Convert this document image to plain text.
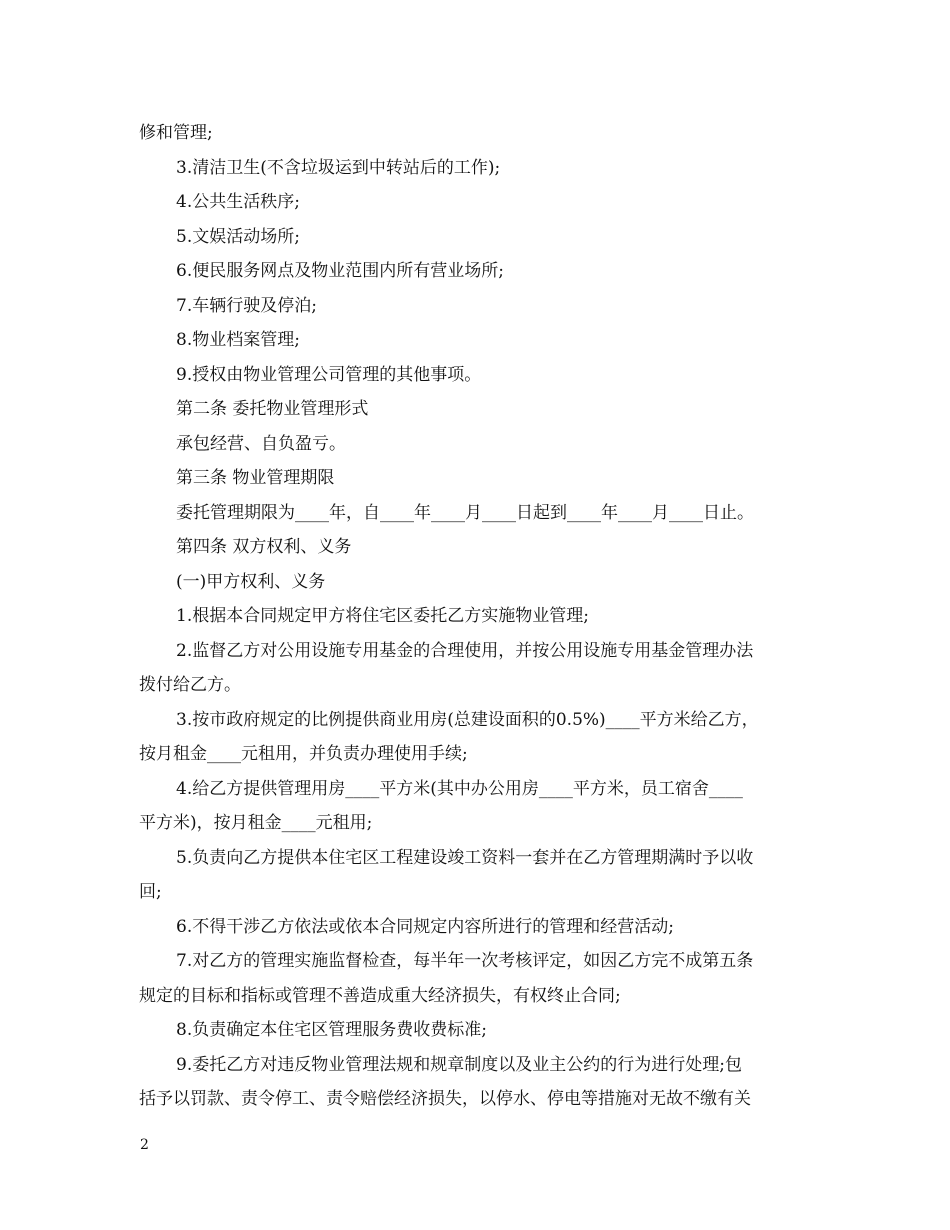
修和管理;
3.清洁卫生(不含垃圾运到中转站后的工作);
4.公共生活秩序;
5.文娱活动场所;
6.便民服务网点及物业范围内所有营业场所;
7.车辆行驶及停泊;
8.物业档案管理;
9.授权由物业管理公司管理的其他事项。
第二条 委托物业管理形式
承包经营、自负盈亏。
第三条 物业管理期限
委托管理期限为____年，自____年____月____日起到____年____月____日止。
第四条 双方权利、义务
(一)甲方权利、义务
1.根据本合同规定甲方将住宅区委托乙方实施物业管理;
2.监督乙方对公用设施专用基金的合理使用，并按公用设施专用基金管理办法
拨付给乙方。
3.按市政府规定的比例提供商业用房(总建设面积的0.5%)____平方米给乙方，
按月租金____元租用，并负责办理使用手续;
4.给乙方提供管理用房____平方米(其中办公用房____平方米，员工宿舍____
平方米)，按月租金____元租用;
5.负责向乙方提供本住宅区工程建设竣工资料一套并在乙方管理期满时予以收
回;
6.不得干涉乙方依法或依本合同规定内容所进行的管理和经营活动;
7.对乙方的管理实施监督检查，每半年一次考核评定，如因乙方完不成第五条
规定的目标和指标或管理不善造成重大经济损失，有权终止合同;
8.负责确定本住宅区管理服务费收费标准;
9.委托乙方对违反物业管理法规和规章制度以及业主公约的行为进行处理;包
括予以罚款、责令停工、责令赔偿经济损失，以停水、停电等措施对无故不缴有关
2
